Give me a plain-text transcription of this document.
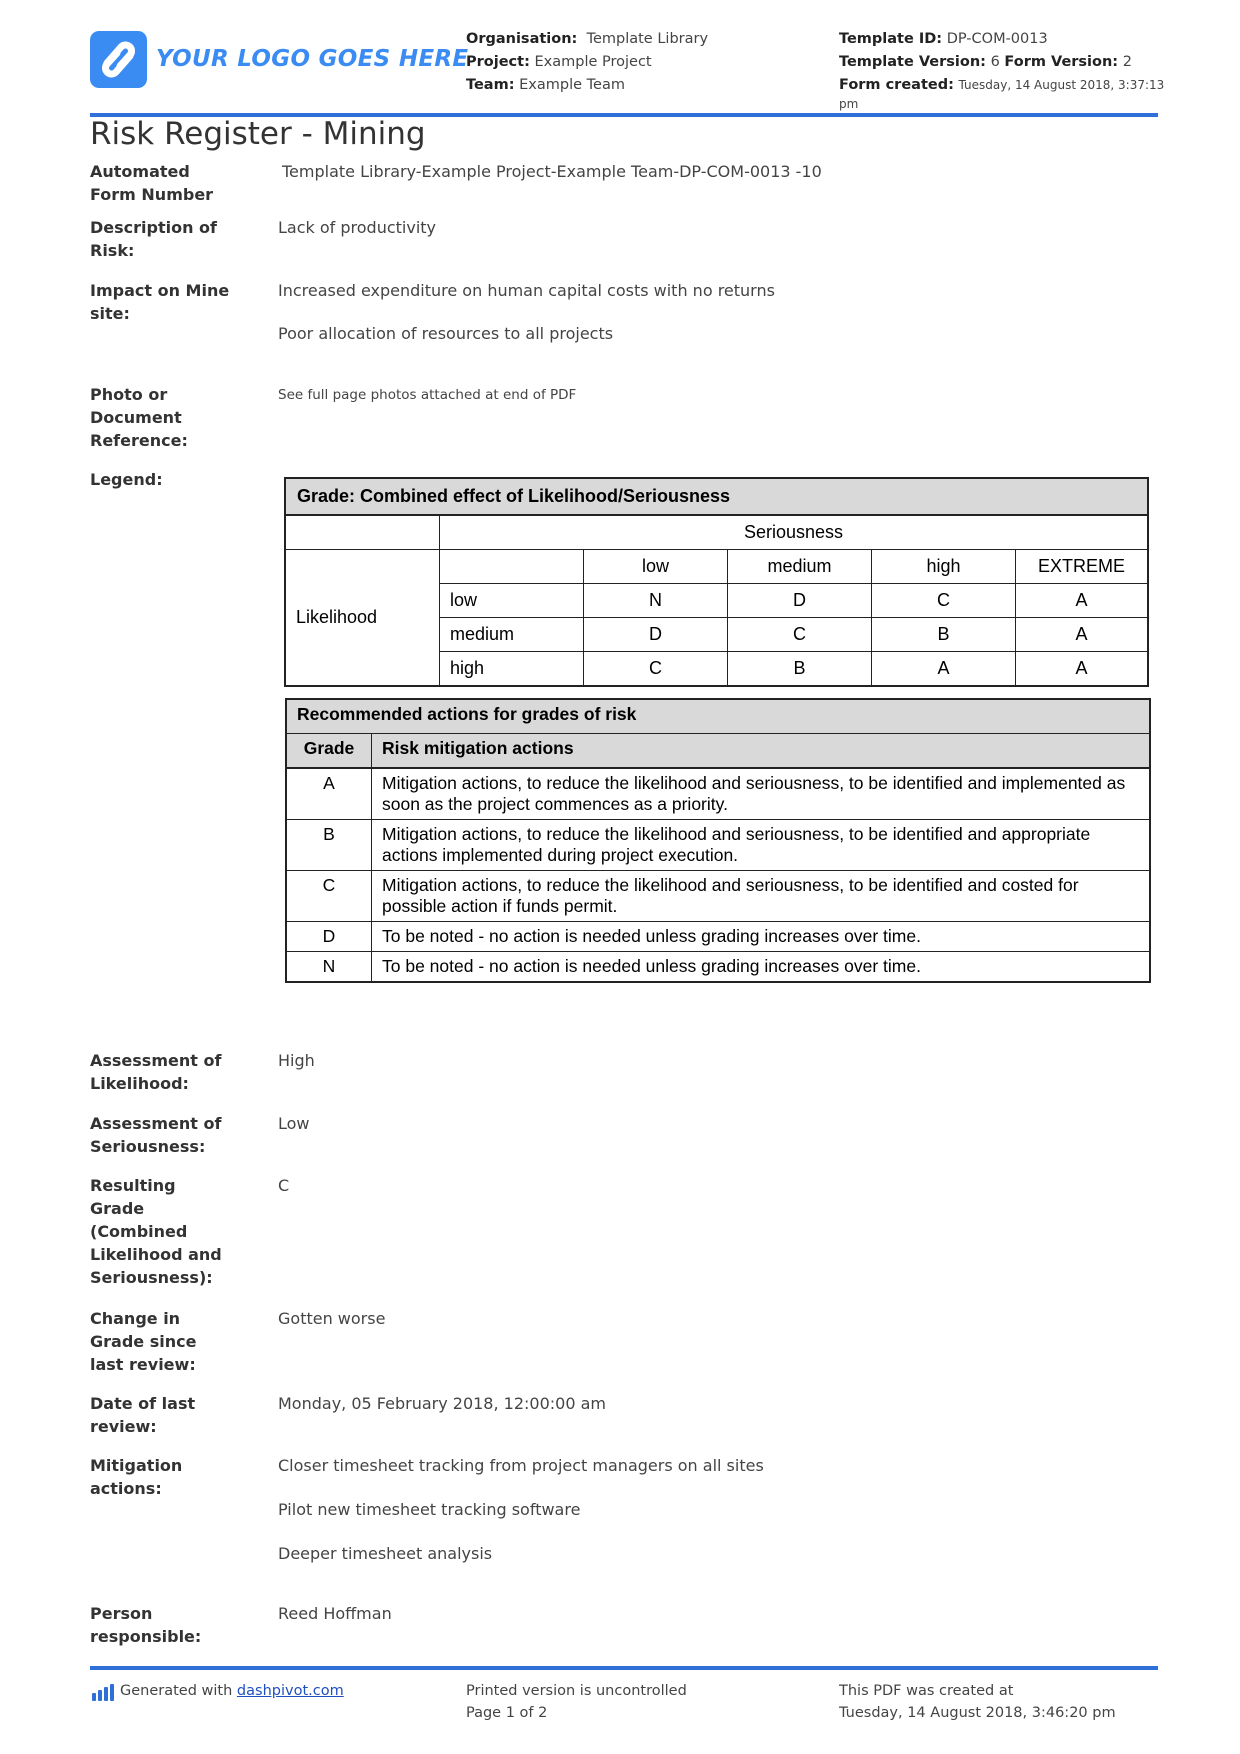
YOUR LOGO GOES HERE
Organisation: Template Library
Project: Example Project
Team: Example Team
Template ID: DP-COM-0013
Template Version: 6 Form Version: 2
Form created: Tuesday, 14 August 2018, 3:37:13
pm
Risk Register - Mining
Automated Form Number
Template Library-Example Project-Example Team-DP-COM-0013 -10
Description of Risk:
Lack of productivity
Impact on Mine site:
Increased expenditure on human capital costs with no returns
Poor allocation of resources to all projects
Photo or Document Reference:
See full page photos attached at end of PDF
Legend:
Grade: Combined effect of Likelihood/Seriousness					
	Seriousness				
Likelihood		low	medium	high	EXTREME
	low	N	D	C	A
	medium	D	C	B	A
	high	C	B	A	A
Recommended actions for grades of risk	
Grade	Risk mitigation actions
A	Mitigation actions, to reduce the likelihood and seriousness, to be identified and implemented as soon as the project commences as a priority.
B	Mitigation actions, to reduce the likelihood and seriousness, to be identified and appropriate actions implemented during project execution.
C	Mitigation actions, to reduce the likelihood and seriousness, to be identified and costed for possible action if funds permit.
D	To be noted - no action is needed unless grading increases over time.
N	To be noted - no action is needed unless grading increases over time.
Assessment of Likelihood:
High
Assessment of Seriousness:
Low
Resulting Grade (Combined Likelihood and Seriousness):
C
Change in Grade since last review:
Gotten worse
Date of last review:
Monday, 05 February 2018, 12:00:00 am
Mitigation actions:
Closer timesheet tracking from project managers on all sites
Pilot new timesheet tracking software
Deeper timesheet analysis
Person responsible:
Reed Hoffman
Generated with dashpivot.com	Printed version is uncontrolled
Page 1 of 2
This PDF was created at
Tuesday, 14 August 2018, 3:46:20 pm
